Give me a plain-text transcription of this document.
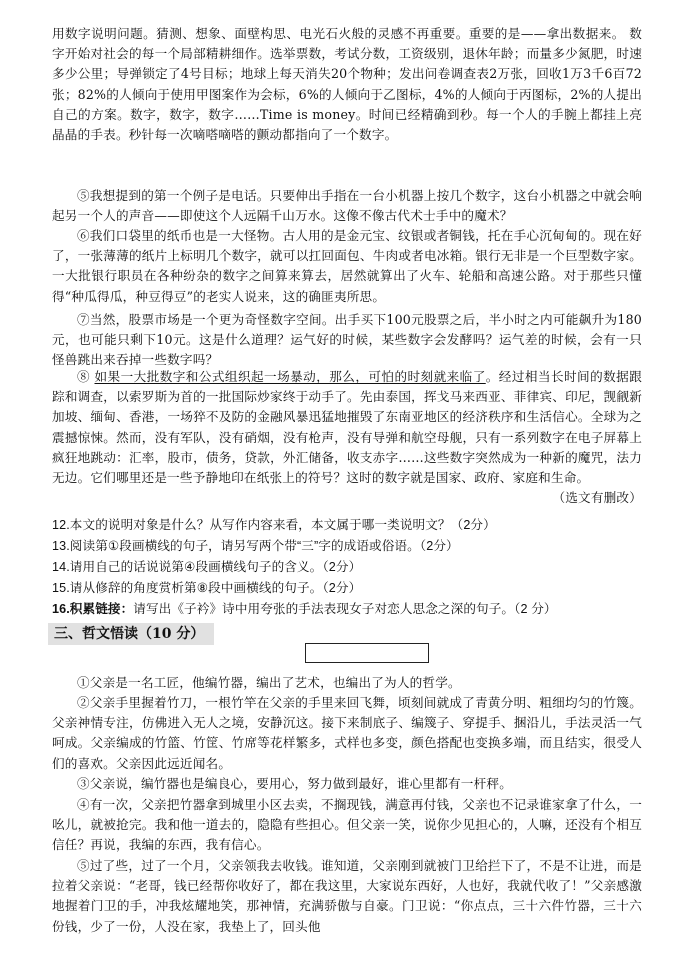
用数字说明问题。猜测、想象、面壁构思、电光石火般的灵感不再重要。重要的是——拿出数据来。 数字开始对社会的每一个局部精耕细作。选举票数，考试分数，工资级别，退休年龄；而量多少氮肥，时速多少公里；导弹锁定了4号目标；地球上每天消失20个物种；发出问卷调查表2万张，回收1万3千6百72张；82%的人倾向于使用甲图案作为会标，6%的人倾向于乙图标，4%的人倾向于丙图标，2%的人提出自己的方案。数字，数字，数字……Time is money。时间已经精确到秒。每一个人的手腕上都挂上亮晶晶的手表。秒针每一次嘀嗒嘀嗒的颤动都指向了一个数字。

⑤我想提到的第一个例子是电话。只要伸出手指在一台小机器上按几个数字，这台小机器之中就会响起另一个人的声音——即使这个人远隔千山万水。这像不像古代术士手中的魔术？

⑥我们口袋里的纸币也是一大怪物。古人用的是金元宝、纹银或者铜钱，托在手心沉甸甸的。现在好了，一张薄薄的纸片上标明几个数字，就可以扛回面包、牛肉或者电冰箱。银行无非是一个巨型数字家。一大批银行职员在各种纷杂的数字之间算来算去，居然就算出了火车、轮船和高速公路。对于那些只懂得“种瓜得瓜，种豆得豆”的老实人说来，这的确匪夷所思。

⑦当然，股票市场是一个更为奇怪数字空间。出手买下100元股票之后，半小时之内可能飙升为180元，也可能只剩下10元。这是什么道理？运气好的时候，某些数字会发酵吗？运气差的时候，会有一只怪兽跳出来吞掉一些数字吗？

⑧ 如果一大批数字和公式组织起一场暴动，那么，可怕的时刻就来临了。经过相当长时间的数据跟踪和调查，以索罗斯为首的一批国际炒家终于动手了。先由泰国，挥戈马来西亚、菲律宾、印尼，觊觎新加坡、缅甸、香港，一场猝不及防的金融风暴迅猛地摧毁了东南亚地区的经济秩序和生活信心。全球为之震撼惊悚。然而，没有军队，没有硝烟，没有枪声，没有导弹和航空母舰，只有一系列数字在电子屏幕上疯狂地跳动：汇率，股市，债务，贷款，外汇储备，收支赤字……这些数字突然成为一种新的魔咒，法力无边。它们哪里还是一些予静地印在纸张上的符号？这时的数字就是国家、政府、家庭和生命。
（选文有删改）

12.本文的说明对象是什么？从写作内容来看，本文属于哪一类说明文？（2分）
13.阅读第①段画横线的句子，请另写两个带“三”字的成语或俗语。（2分）
14.请用自己的话说说第④段画横线句子的含义。（2分）
15.请从修辞的角度赏析第⑧段中画横线的句子。（2分）
16.积累链接：请写出《子衿》诗中用夸张的手法表现女子对恋人思念之深的句子。（2 分）
三、哲文悟读（10 分）

①父亲是一名工匠，他编竹器，编出了艺术，也编出了为人的哲学。

②父亲手里握着竹刀，一根竹竿在父亲的手里来回飞舞，顷刻间就成了青黄分明、粗细均匀的竹篾。父亲神情专注，仿佛进入无人之境，安静沉这。接下来制底子、编篾子、穿提手、捆沿儿，手法灵活一气呵成。父亲编成的竹篮、竹筐、竹席等花样繁多，式样也多变，颜色搭配也变换多端，而且结实，很受人们的喜欢。父亲因此远近闻名。

③父亲说，编竹器也是编良心，要用心，努力做到最好，谁心里都有一杆秤。

④有一次，父亲把竹器拿到城里小区去卖，不搁现钱，满意再付钱，父亲也不记录谁家拿了什么，一吆儿，就被抢完。我和他一道去的，隐隐有些担心。但父亲一笑，说你少见担心的，人嘛，还没有个相互信任？再说，我编的东西，我有信心。

⑤过了些，过了一个月，父亲领我去收钱。谁知道，父亲刚到就被门卫给拦下了，不是不让进，而是拉着父亲说：“老哥，钱已经帮你收好了，都在我这里，大家说东西好，人也好，我就代收了！”父亲感激地握着门卫的手，冲我炫耀地笑，那神情，充满骄傲与自豪。门卫说：“你点点，三十六件竹器，三十六份钱，少了一份，人没在家，我垫上了，回头他
